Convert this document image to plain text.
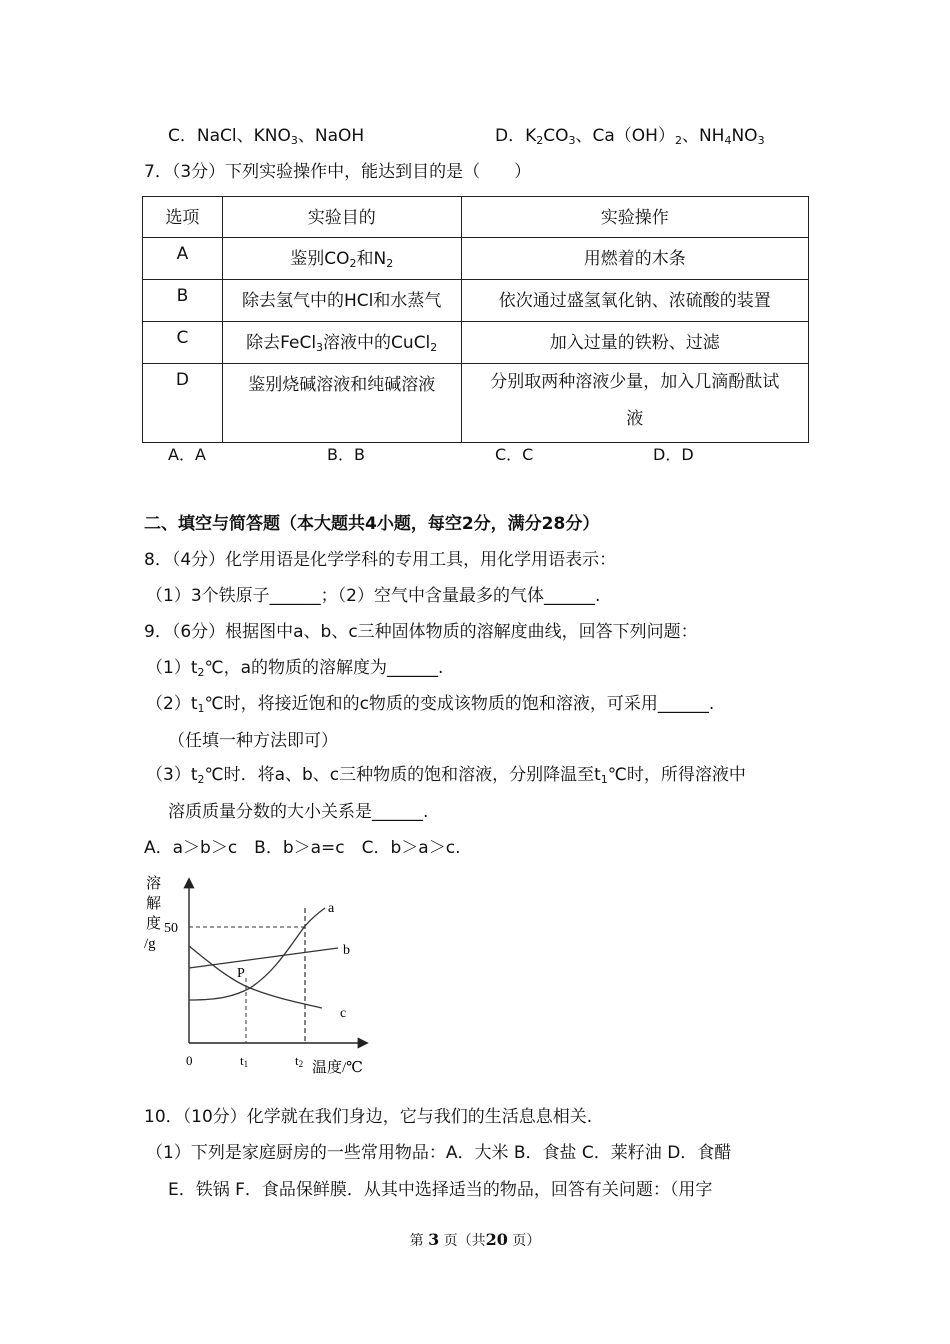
C．NaCl、$KNO_3$、NaOH	D．$K_2CO_3$、$Ca(OH)_2$、$NH_4NO_3$
7．（3分）下列实验操作中，能达到目的是（　　）
选项	实验目的	实验操作
A	鉴别$CO_2$和$N_2$	用燃着的木条
B	除去氢气中的HCl和水蒸气	依次通过盛氢氧化钠、浓硫酸的装置
C	除去FeCl$_3$溶液中的CuCl$_2$	加入过量的铁粉、过滤
D	鉴别烧碱溶液和纯碱溶液	分别取两种溶液少量，加入几滴酚酞试
液
A．A	B．B	C．C	D．D
二、填空与简答题（本大题共4小题，每空2分，满分28分）
8．（4分）化学用语是化学学科的专用工具，用化学用语表示：
（1）3个铁原子______；（2）空气中含量最多的气体______.
9．（6分）根据图中a、b、c三种固体物质的溶解度曲线，回答下列问题：
$(1)t_2℃$，a的物质的溶解度为______.
$(2)t_1℃$时，将接近饱和的c物质的变成该物质的饱和溶液，可采用______.
（任填一种方法即可）
$(3)t_2℃$时．将a、b、c三种物质的饱和溶液，分别降温至$t_1℃$时，所得溶液中
溶质质量分数的大小关系是______.
A．a＞b＞c　B．b＞a=c　C．b＞a＞c.
溶
解
度
/g
50
a
b
c
P
0	t1	t2 温度/℃
10．（10分）化学就在我们身边，它与我们的生活息息相关.
（1）下列是家庭厨房的一些常用物品：A．大米 B．食盐 C．莱籽油 D．食醋
E．铁锅 F．食品保鲜膜．从其中选择适当的物品，回答有关问题：（用字
第 3 页（共20 页）
